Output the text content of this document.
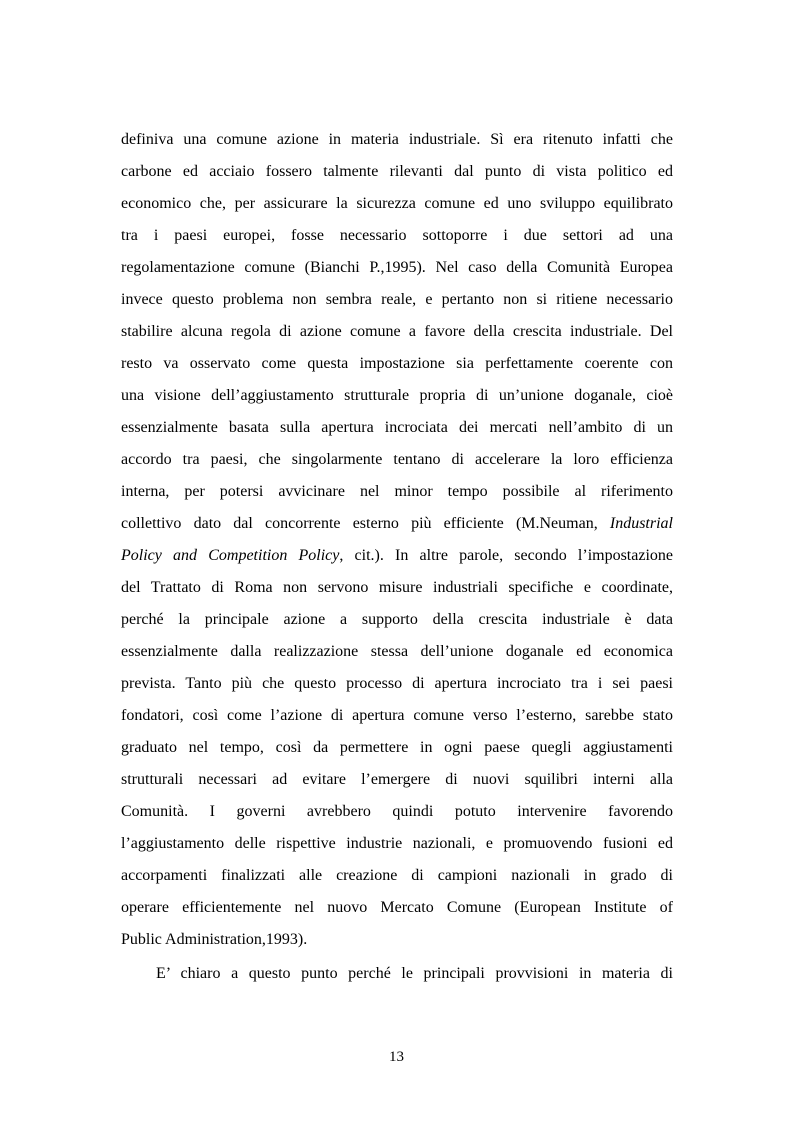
definiva una comune azione in materia industriale. Sì era ritenuto infatti che
carbone ed acciaio fossero talmente rilevanti dal punto di vista politico ed
economico che, per assicurare la sicurezza comune ed uno sviluppo equilibrato
tra i paesi europei, fosse necessario sottoporre i due settori ad una
regolamentazione comune (Bianchi P.,1995). Nel caso della Comunità Europea
invece questo problema non sembra reale, e pertanto non si ritiene necessario
stabilire alcuna regola di azione comune a favore della crescita industriale. Del
resto va osservato come questa impostazione sia perfettamente coerente con
una visione dell’aggiustamento strutturale propria di un’unione doganale, cioè
essenzialmente basata sulla apertura incrociata dei mercati nell’ambito di un
accordo tra paesi, che singolarmente tentano di accelerare la loro efficienza
interna, per potersi avvicinare nel minor tempo possibile al riferimento
collettivo dato dal concorrente esterno più efficiente (M.Neuman, Industrial
Policy and Competition Policy, cit.). In altre parole, secondo l’impostazione
del Trattato di Roma non servono misure industriali specifiche e coordinate,
perché la principale azione a supporto della crescita industriale è data
essenzialmente dalla realizzazione stessa dell’unione doganale ed economica
prevista. Tanto più che questo processo di apertura incrociato tra i sei paesi
fondatori, così come l’azione di apertura comune verso l’esterno, sarebbe stato
graduato nel tempo, così da permettere in ogni paese quegli aggiustamenti
strutturali necessari ad evitare l’emergere di nuovi squilibri interni alla
Comunità. I governi avrebbero quindi potuto intervenire favorendo
l’aggiustamento delle rispettive industrie nazionali, e promuovendo fusioni ed
accorpamenti finalizzati alle creazione di campioni nazionali in grado di
operare efficientemente nel nuovo Mercato Comune (European Institute of
Public Administration,1993).
E’ chiaro a questo punto perché le principali provvisioni in materia di
13
